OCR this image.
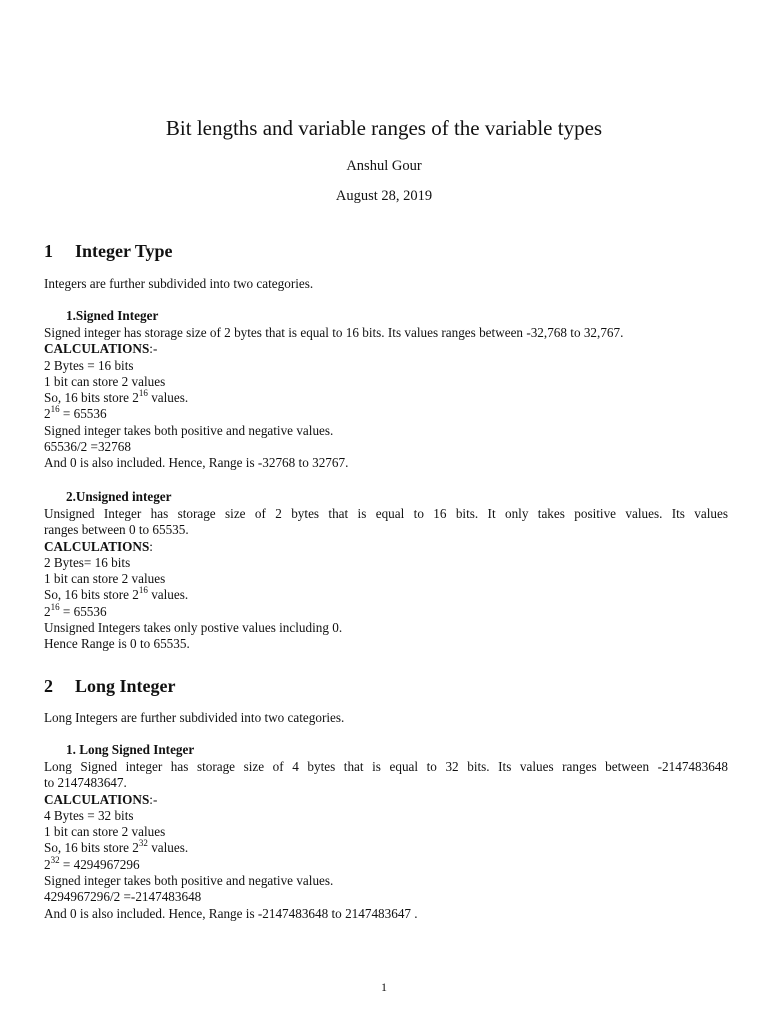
Bit lengths and variable ranges of the variable types
Anshul Gour
August 28, 2019
1 Integer Type
Integers are further subdivided into two categories.
1.Signed Integer
Signed integer has storage size of 2 bytes that is equal to 16 bits. Its values ranges between -32,768 to 32,767.
CALCULATIONS:-
2 Bytes = 16 bits
1 bit can store 2 values
So, 16 bits store $2^{16}$ values.
$2^{16} = 65536$
Signed integer takes both positive and negative values.
65536/2 =32768
And 0 is also included. Hence, Range is -32768 to 32767.
2.Unsigned integer
Unsigned Integer has storage size of 2 bytes that is equal to 16 bits. It only takes positive values. Its values
ranges between 0 to 65535.
CALCULATIONS:
2 Bytes= 16 bits
1 bit can store 2 values
So, 16 bits store $2^{16}$ values.
$2^{16} = 65536$
Unsigned Integers takes only postive values including 0.
Hence Range is 0 to 65535.
2 Long Integer
Long Integers are further subdivided into two categories.
1. Long Signed Integer
Long Signed integer has storage size of 4 bytes that is equal to 32 bits. Its values ranges between -2147483648
to 2147483647.
CALCULATIONS:-
4 Bytes = 32 bits
1 bit can store 2 values
So, 16 bits store $2^{32}$ values.
$2^{32} = 4294967296$
Signed integer takes both positive and negative values.
4294967296/2 =-2147483648
And 0 is also included. Hence, Range is -2147483648 to 2147483647 .
1
